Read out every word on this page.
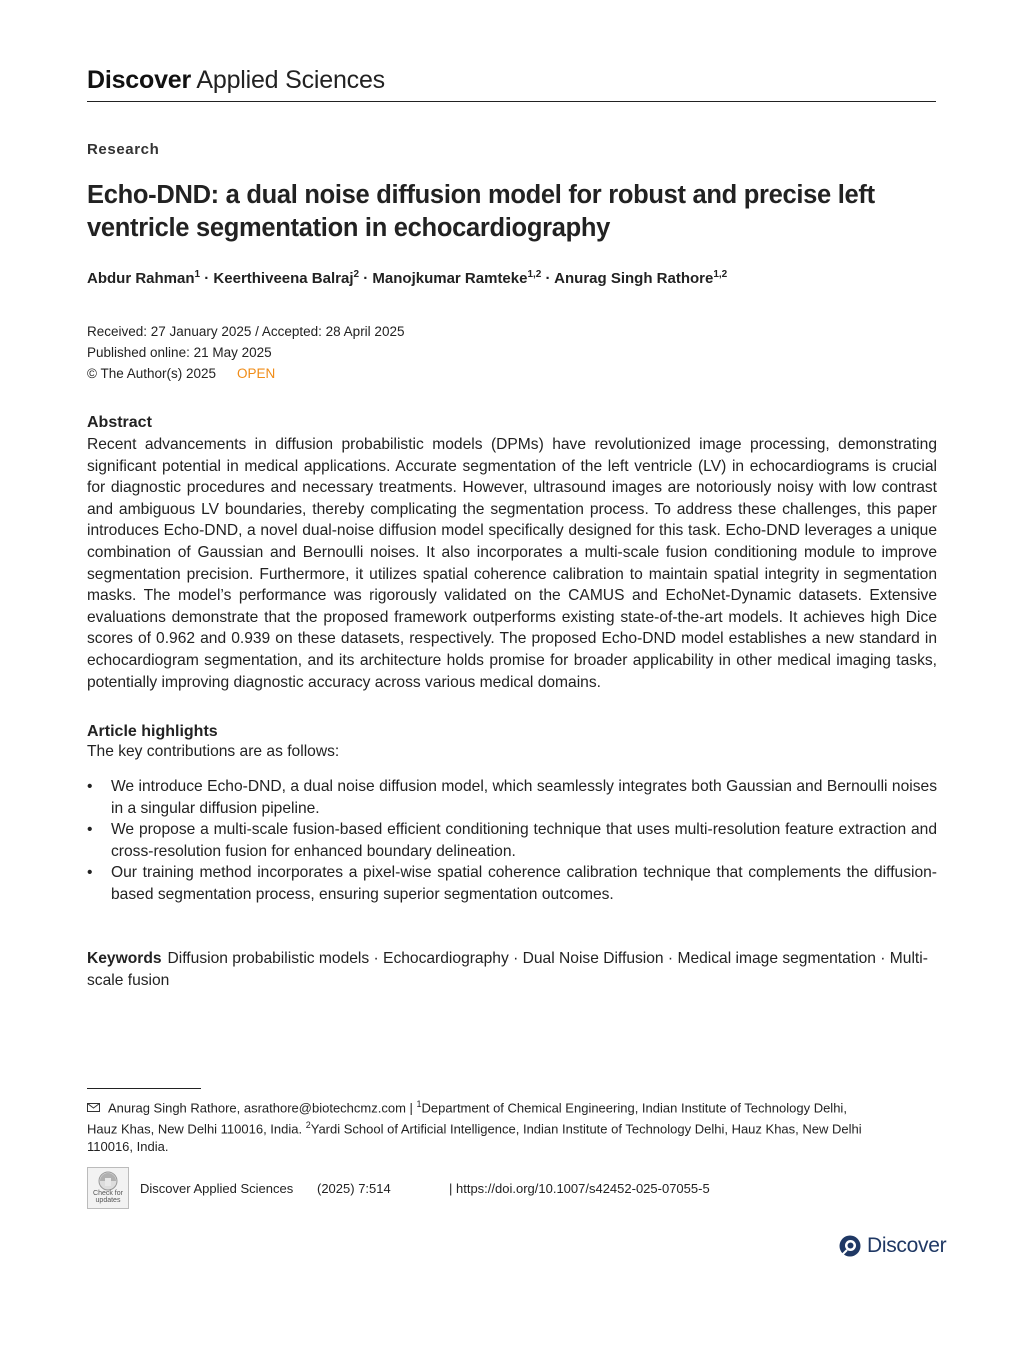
Discover Applied Sciences
Research
Echo-DND: a dual noise diffusion model for robust and precise left ventricle segmentation in echocardiography
Abdur Rahman$^1$ · Keerthiveena Balraj$^2$ · Manojkumar Ramteke$^{1,2}$ · Anurag Singh Rathore$^{1,2}$
Received: 27 January 2025 / Accepted: 28 April 2025
Published online: 21 May 2025
© The Author(s) 2025 OPEN
Abstract
Recent advancements in diffusion probabilistic models (DPMs) have revolutionized image processing, demonstrating significant potential in medical applications. Accurate segmentation of the left ventricle (LV) in echocardiograms is crucial for diagnostic procedures and necessary treatments. However, ultrasound images are notoriously noisy with low contrast and ambiguous LV boundaries, thereby complicating the segmentation process. To address these challenges, this paper introduces Echo-DND, a novel dual-noise diffusion model specifically designed for this task. Echo-DND leverages a unique combination of Gaussian and Bernoulli noises. It also incorporates a multi-scale fusion conditioning module to improve segmentation precision. Furthermore, it utilizes spatial coherence calibration to maintain spatial integrity in segmentation masks. The model’s performance was rigorously validated on the CAMUS and EchoNet-Dynamic datasets. Extensive evaluations demonstrate that the proposed framework outperforms existing state-of-the-art models. It achieves high Dice scores of 0.962 and 0.939 on these datasets, respectively. The proposed Echo-DND model establishes a new standard in echocardiogram segmentation, and its architecture holds promise for broader applicability in other medical imaging tasks, potentially improving diagnostic accuracy across various medical domains.
Article highlights
The key contributions are as follows:
• We introduce Echo-DND, a dual noise diffusion model, which seamlessly integrates both Gaussian and Bernoulli noises in a singular diffusion pipeline.
• We propose a multi-scale fusion-based efficient conditioning technique that uses multi-resolution feature extraction and cross-resolution fusion for enhanced boundary delineation.
• Our training method incorporates a pixel-wise spatial coherence calibration technique that complements the diffusion-based segmentation process, ensuring superior segmentation outcomes.
Keywords Diffusion probabilistic models · Echocardiography · Dual Noise Diffusion · Medical image segmentation · Multi-scale fusion
Anurag Singh Rathore, asrathore@biotechcmz.com | $^1$Department of Chemical Engineering, Indian Institute of Technology Delhi, Hauz Khas, New Delhi 110016, India. $^2$Yardi School of Artificial Intelligence, Indian Institute of Technology Delhi, Hauz Khas, New Delhi 110016, India.
Check for updates
Discover Applied Sciences (2025) 7:514	| https://doi.org/10.1007/s42452-025-07055-5
Discover
